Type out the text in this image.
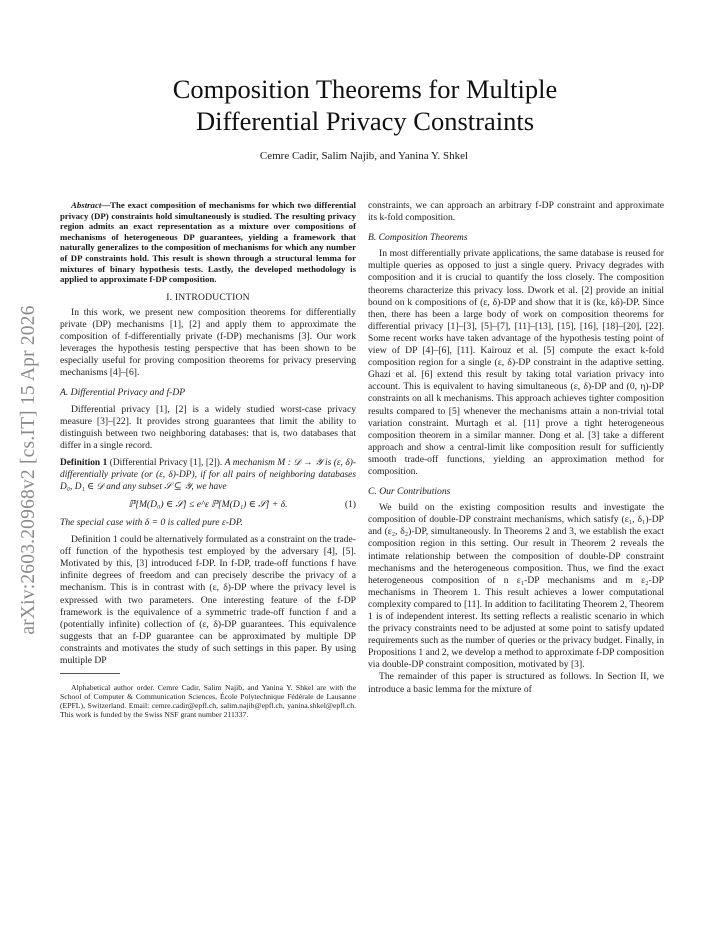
arXiv:2603.20968v2 [cs.IT] 15 Apr 2026
Composition Theorems for Multiple
Differential Privacy Constraints
Cemre Cadir, Salim Najib, and Yanina Y. Shkel

Abstract—The exact composition of mechanisms for which two differential privacy (DP) constraints hold simultaneously is studied. The resulting privacy region admits an exact representation as a mixture over compositions of mechanisms of heterogeneous DP guarantees, yielding a framework that naturally generalizes to the composition of mechanisms for which any number of DP constraints hold. This result is shown through a structural lemma for mixtures of binary hypothesis tests. Lastly, the developed methodology is applied to approximate f-DP composition.

I. INTRODUCTION

In this work, we present new composition theorems for differentially private (DP) mechanisms [1], [2] and apply them to approximate the composition of f-differentially private (f-DP) mechanisms [3]. Our work leverages the hypothesis testing perspective that has been shown to be especially useful for proving composition theorems for privacy preserving mechanisms [4]–[6].

A. Differential Privacy and f-DP

Differential privacy [1], [2] is a widely studied worst-case privacy measure [3]–[22]. It provides strong guarantees that limit the ability to distinguish between two neighboring databases: that is, two databases that differ in a single record.

Definition 1 (Differential Privacy [1], [2]). A mechanism M : 𝒟 → 𝒴 is (ε, δ)-differentially private (or (ε, δ)-DP), if for all pairs of neighboring databases D₀, D₁ ∈ 𝒟 and any subset 𝒮 ⊆ 𝒴, we have

ℙ[M(D₀) ∈ 𝒮] ≤ e^ε ℙ[M(D₁) ∈ 𝒮] + δ.	(1)

The special case with δ = 0 is called pure ε-DP.

Definition 1 could be alternatively formulated as a constraint on the trade-off function of the hypothesis test employed by the adversary [4], [5]. Motivated by this, [3] introduced f-DP. In f-DP, trade-off functions f have infinite degrees of freedom and can precisely describe the privacy of a mechanism. This is in contrast with (ε, δ)-DP where the privacy level is expressed with two parameters. One interesting feature of the f-DP framework is the equivalence of a symmetric trade-off function f and a (potentially infinite) collection of (ε, δ)-DP guarantees. This equivalence suggests that an f-DP guarantee can be approximated by multiple DP constraints and motivates the study of such settings in this paper. By using multiple DP

Alphabetical author order. Cemre Cadir, Salim Najib, and Yanina Y. Shkel are with the School of Computer & Communication Sciences, École Polytechnique Fédérale de Lausanne (EPFL), Switzerland. Email: cemre.cadir@epfl.ch, salim.najib@epfl.ch, yanina.shkel@epfl.ch. This work is funded by the Swiss NSF grant number 211337.

constraints, we can approach an arbitrary f-DP constraint and approximate its k-fold composition.

B. Composition Theorems

In most differentially private applications, the same database is reused for multiple queries as opposed to just a single query. Privacy degrades with composition and it is crucial to quantify the loss closely. The composition theorems characterize this privacy loss. Dwork et al. [2] provide an initial bound on k compositions of (ε, δ)-DP and show that it is (kε, kδ)-DP. Since then, there has been a large body of work on composition theorems for differential privacy [1]–[3], [5]–[7], [11]–[13], [15], [16], [18]–[20], [22]. Some recent works have taken advantage of the hypothesis testing point of view of DP [4]–[6], [11]. Kairouz et al. [5] compute the exact k-fold composition region for a single (ε, δ)-DP constraint in the adaptive setting. Ghazi et al. [6] extend this result by taking total variation privacy into account. This is equivalent to having simultaneous (ε, δ)-DP and (0, η)-DP constraints on all k mechanisms. This approach achieves tighter composition results compared to [5] whenever the mechanisms attain a non-trivial total variation constraint. Murtagh et al. [11] prove a tight heterogeneous composition theorem in a similar manner. Dong et al. [3] take a different approach and show a central-limit like composition result for sufficiently smooth trade-off functions, yielding an approximation method for composition.

C. Our Contributions

We build on the existing composition results and investigate the composition of double-DP constraint mechanisms, which satisfy (ε₁, δ₁)-DP and (ε₂, δ₂)-DP, simultaneously. In Theorems 2 and 3, we establish the exact composition region in this setting. Our result in Theorem 2 reveals the intimate relationship between the composition of double-DP constraint mechanisms and the heterogeneous composition. Thus, we find the exact heterogeneous composition of n ε₁-DP mechanisms and m ε₂-DP mechanisms in Theorem 1. This result achieves a lower computational complexity compared to [11]. In addition to facilitating Theorem 2, Theorem 1 is of independent interest. Its setting reflects a realistic scenario in which the privacy constraints need to be adjusted at some point to satisfy updated requirements such as the number of queries or the privacy budget. Finally, in Propositions 1 and 2, we develop a method to approximate f-DP composition via double-DP constraint composition, motivated by [3].

The remainder of this paper is structured as follows. In Section II, we introduce a basic lemma for the mixture of
